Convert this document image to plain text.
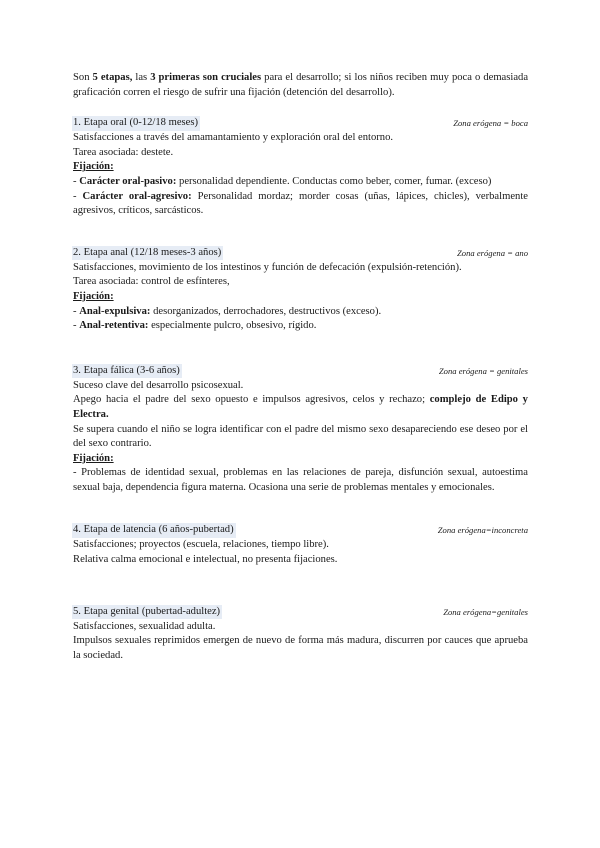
Son 5 etapas, las 3 primeras son cruciales para el desarrollo; si los niños reciben muy poca o demasiada graficación corren el riesgo de sufrir una fijación (detención del desarrollo).

1. Etapa oral (0-12/18 meses)	Zona erógena = boca

Satisfacciones a través del amamantamiento y exploración oral del entorno.

Tarea asociada: destete.

Fijación:

- Carácter oral-pasivo: personalidad dependiente. Conductas como beber, comer, fumar. (exceso)

- Carácter oral-agresivo: Personalidad mordaz; morder cosas (uñas, lápices, chicles), verbalmente agresivos, críticos, sarcásticos.

2. Etapa anal (12/18 meses-3 años)	Zona erógena = ano

Satisfacciones, movimiento de los intestinos y función de defecación (expulsión-retención).

Tarea asociada: control de esfínteres,

Fijación:

- Anal-expulsiva: desorganizados, derrochadores, destructivos (exceso).

- Anal-retentiva: especialmente pulcro, obsesivo, rígido.

3. Etapa fálica (3-6 años)	Zona erógena = genitales

Suceso clave del desarrollo psicosexual.

Apego hacia el padre del sexo opuesto e impulsos agresivos, celos y rechazo; complejo de Edipo y Electra.

Se supera cuando el niño se logra identificar con el padre del mismo sexo desapareciendo ese deseo por el del sexo contrario.

Fijación:

- Problemas de identidad sexual, problemas en las relaciones de pareja, disfunción sexual, autoestima sexual baja, dependencia figura materna. Ocasiona una serie de problemas mentales y emocionales.

4. Etapa de latencia (6 años-pubertad)	Zona erógena=inconcreta

Satisfacciones; proyectos (escuela, relaciones, tiempo libre).

Relativa calma emocional e intelectual, no presenta fijaciones.

5. Etapa genital (pubertad-adultez)	Zona erógena=genitales

Satisfacciones, sexualidad adulta.

Impulsos sexuales reprimidos emergen de nuevo de forma más madura, discurren por cauces que aprueba la sociedad.
